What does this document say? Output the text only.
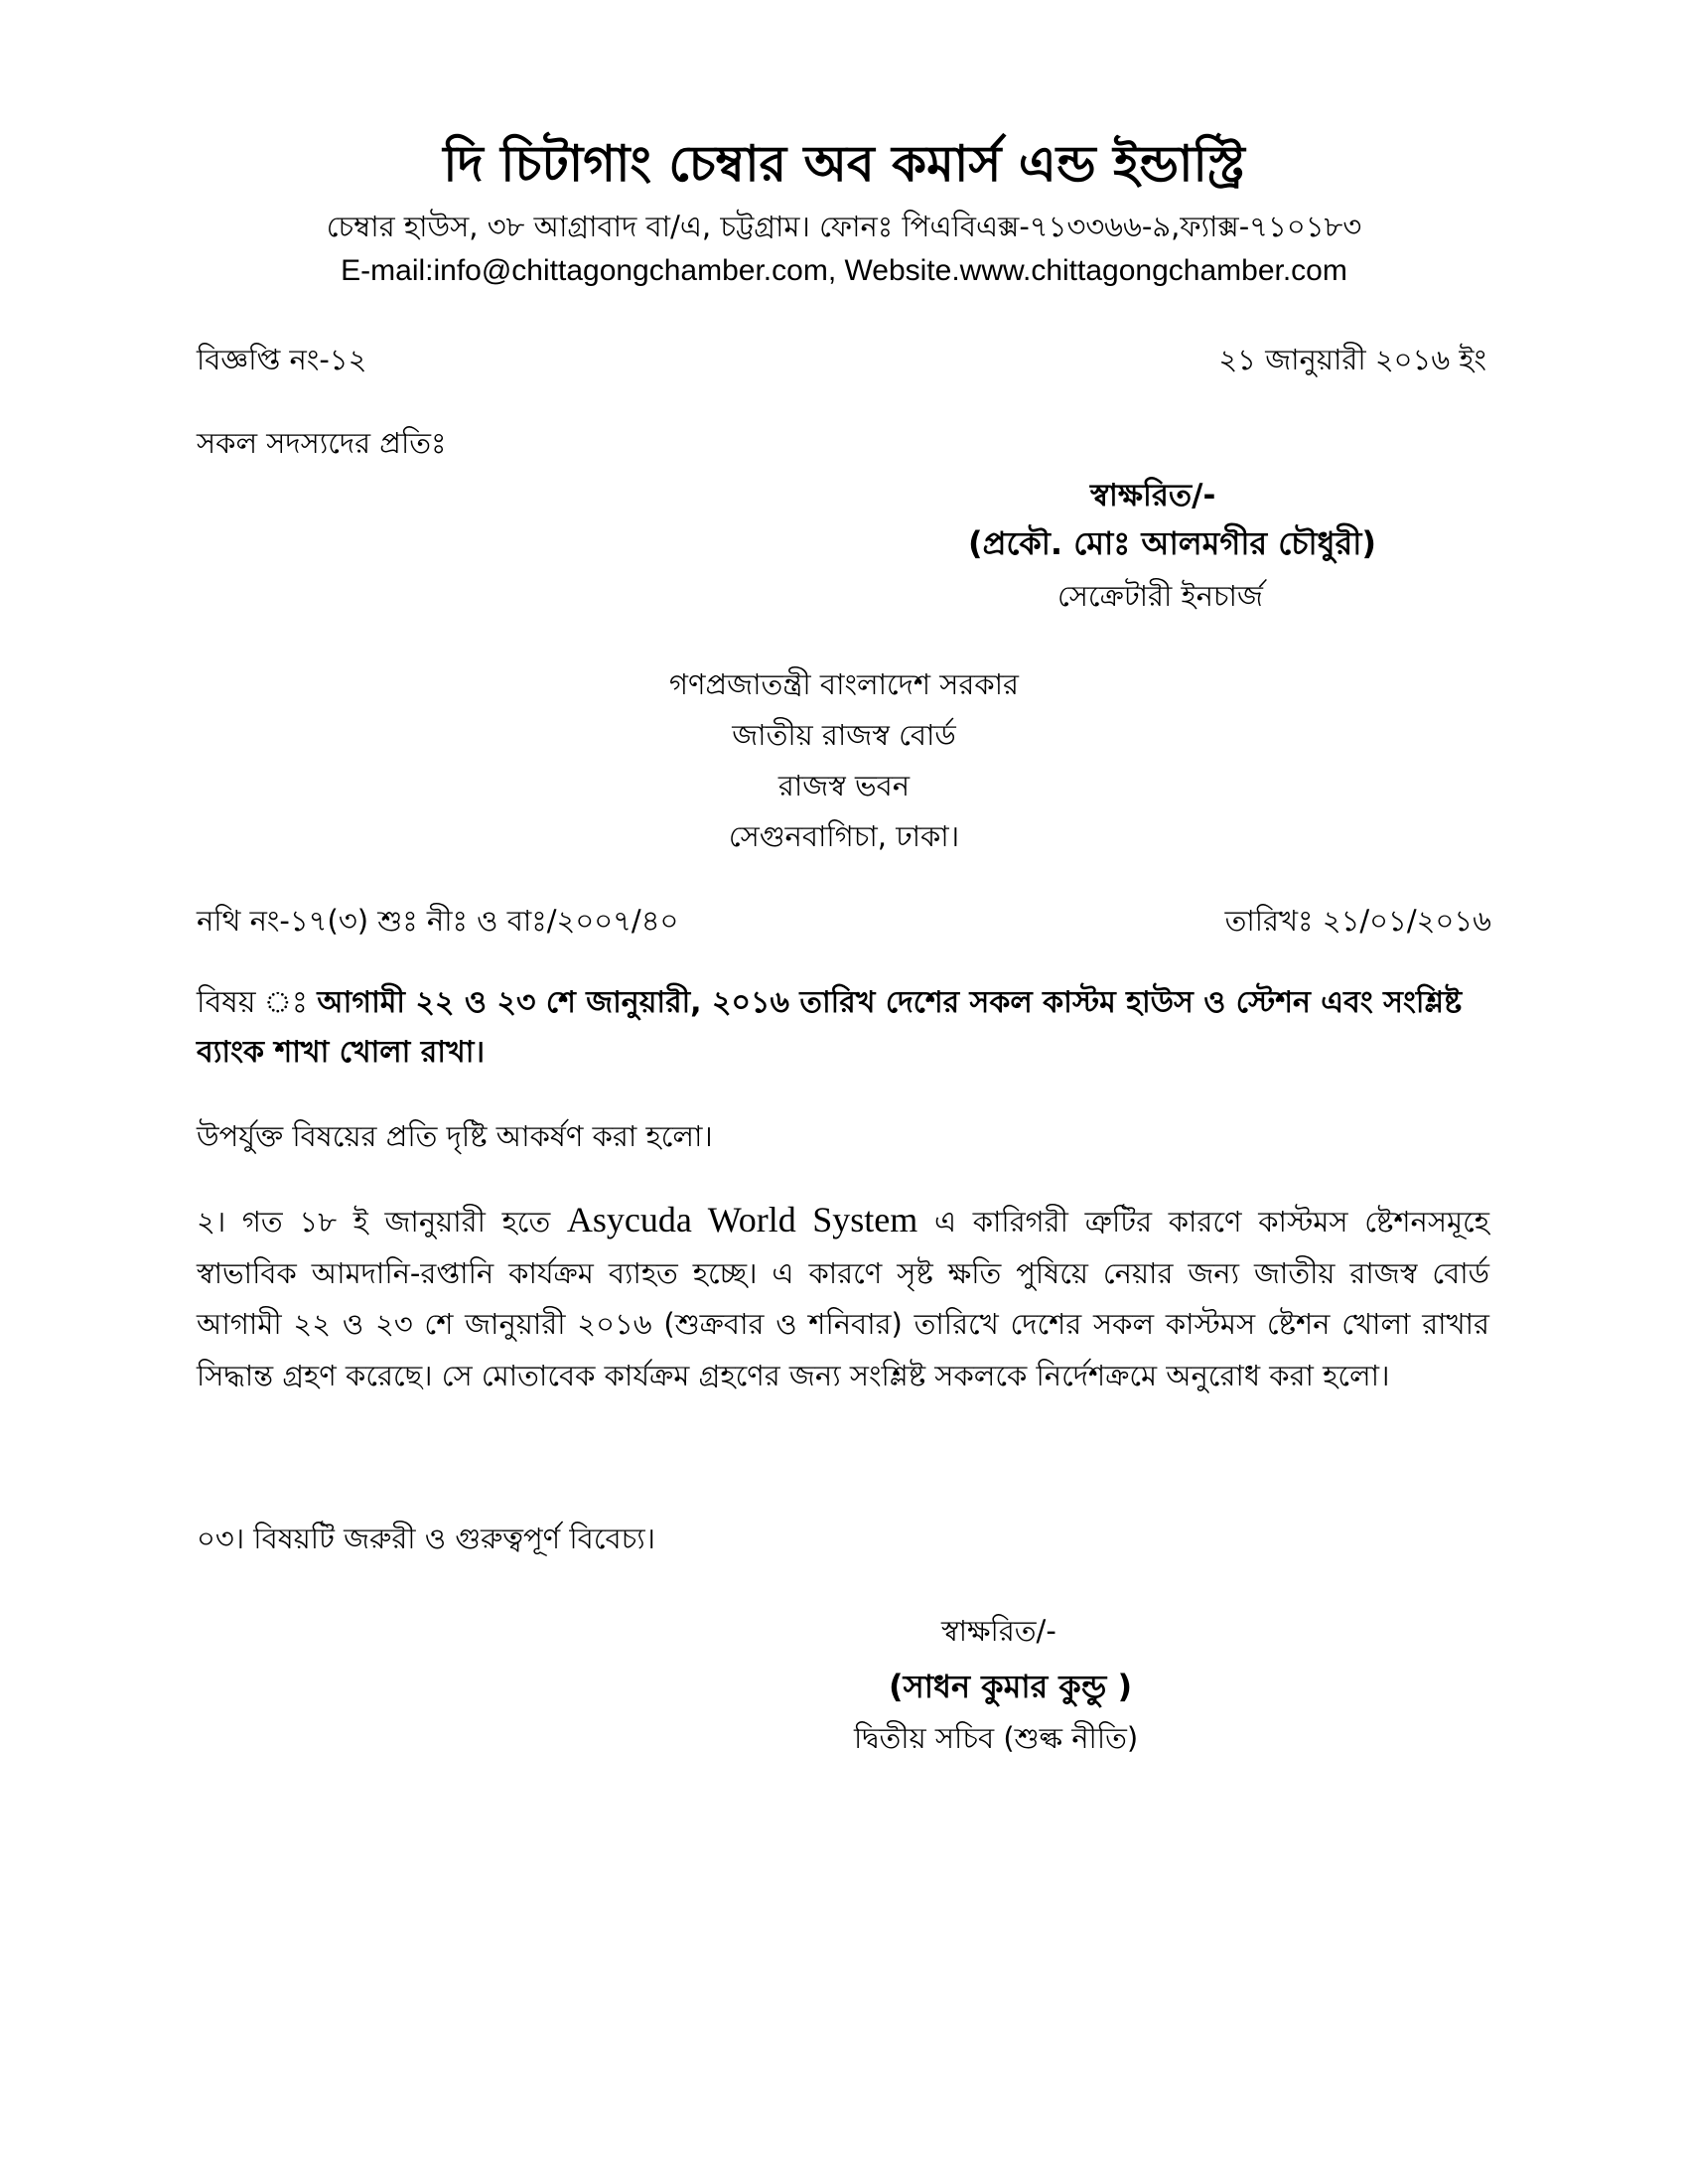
দি চিটাগাং চেম্বার অব কমার্স এন্ড ইন্ডাস্ট্রি
চেম্বার হাউস, ৩৮ আগ্রাবাদ বা/এ, চট্টগ্রাম। ফোনঃ পিএবিএক্স-৭১৩৩৬৬-৯,ফ্যাক্স-৭১০১৮৩
E-mail:info@chittagongchamber.com, Website.www.chittagongchamber.com
বিজ্ঞপ্তি নং-১২	২১ জানুয়ারী ২০১৬ ইং
সকল সদস্যদের প্রতিঃ
স্বাক্ষরিত/-
(প্রকৌ. মোঃ আলমগীর চৌধুরী)
সেক্রেটারী ইনচার্জ
গণপ্রজাতন্ত্রী বাংলাদেশ সরকার
জাতীয় রাজস্ব বোর্ড
রাজস্ব ভবন
সেগুনবাগিচা, ঢাকা।
নথি নং-১৭(৩) শুঃ নীঃ ও বাঃ/২০০৭/৪০	তারিখঃ ২১/০১/২০১৬
বিষয় ঃ আগামী ২২ ও ২৩ শে জানুয়ারী, ২০১৬ তারিখ দেশের সকল কাস্টম হাউস ও স্টেশন এবং সংশ্লিষ্ট ব্যাংক শাখা খোলা রাখা।
উপর্যুক্ত বিষয়ের প্রতি দৃষ্টি আকর্ষণ করা হলো।
২। গত ১৮ ই জানুয়ারী হতে Asycuda World System এ কারিগরী ত্রুটির কারণে কাস্টমস ষ্টেশনসমূহে স্বাভাবিক আমদানি-রপ্তানি কার্যক্রম ব্যাহত হচ্ছে। এ কারণে সৃষ্ট ক্ষতি পুষিয়ে নেয়ার জন্য জাতীয় রাজস্ব বোর্ড আগামী ২২ ও ২৩ শে জানুয়ারী ২০১৬ (শুক্রবার ও শনিবার) তারিখে দেশের সকল কাস্টমস ষ্টেশন খোলা রাখার সিদ্ধান্ত গ্রহণ করেছে। সে মোতাবেক কার্যক্রম গ্রহণের জন্য সংশ্লিষ্ট সকলকে নির্দেশক্রমে অনুরোধ করা হলো।
০৩। বিষয়টি জরুরী ও গুরুত্বপূর্ণ বিবেচ্য।
স্বাক্ষরিত/-
(সাধন কুমার কুন্ডু )
দ্বিতীয় সচিব (শুল্ক নীতি)
